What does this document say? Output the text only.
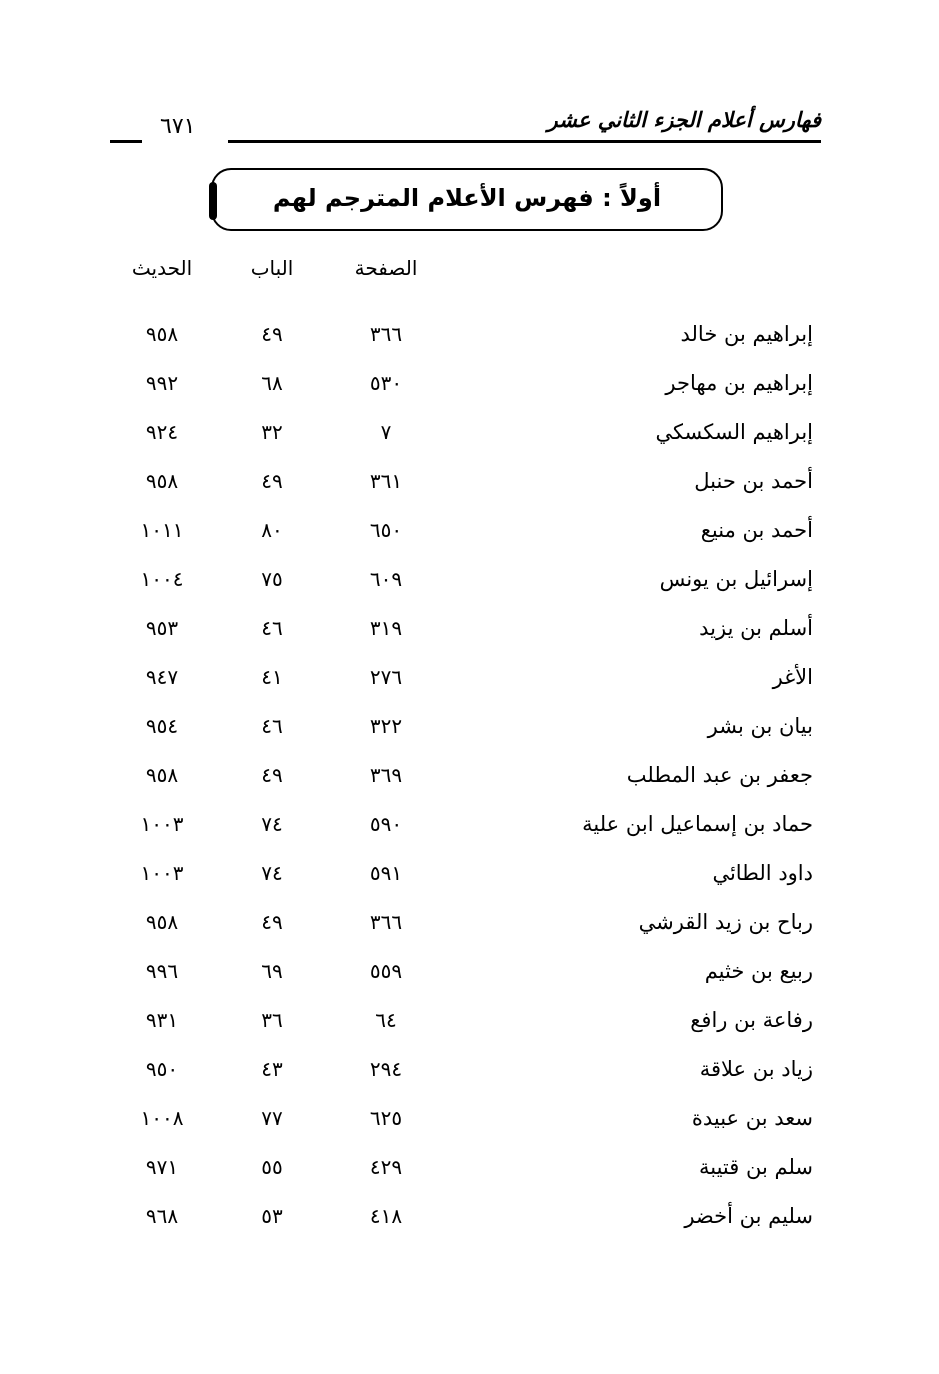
فهارس أعلام الجزء الثاني عشر
٦٧١
أولاً : فهرس الأعلام المترجم لهم
الصفحة
الباب
الحديث
إبراهيم بن خالد
٣٦٦
٤٩
٩٥٨
إبراهيم بن مهاجر
٥٣٠
٦٨
٩٩٢
إبراهيم السكسكي
٧
٣٢
٩٢٤
أحمد بن حنبل
٣٦١
٤٩
٩٥٨
أحمد بن منيع
٦٥٠
٨٠
١٠١١
إسرائيل بن يونس
٦٠٩
٧٥
١٠٠٤
أسلم بن يزيد
٣١٩
٤٦
٩٥٣
الأغر
٢٧٦
٤١
٩٤٧
بيان بن بشر
٣٢٢
٤٦
٩٥٤
جعفر بن عبد المطلب
٣٦٩
٤٩
٩٥٨
حماد بن إسماعيل ابن علية
٥٩٠
٧٤
١٠٠٣
داود الطائي
٥٩١
٧٤
١٠٠٣
رباح بن زيد القرشي
٣٦٦
٤٩
٩٥٨
ربيع بن خثيم
٥٥٩
٦٩
٩٩٦
رفاعة بن رافع
٦٤
٣٦
٩٣١
زياد بن علاقة
٢٩٤
٤٣
٩٥٠
سعد بن عبيدة
٦٢٥
٧٧
١٠٠٨
سلم بن قتيبة
٤٢٩
٥٥
٩٧١
سليم بن أخضر
٤١٨
٥٣
٩٦٨
